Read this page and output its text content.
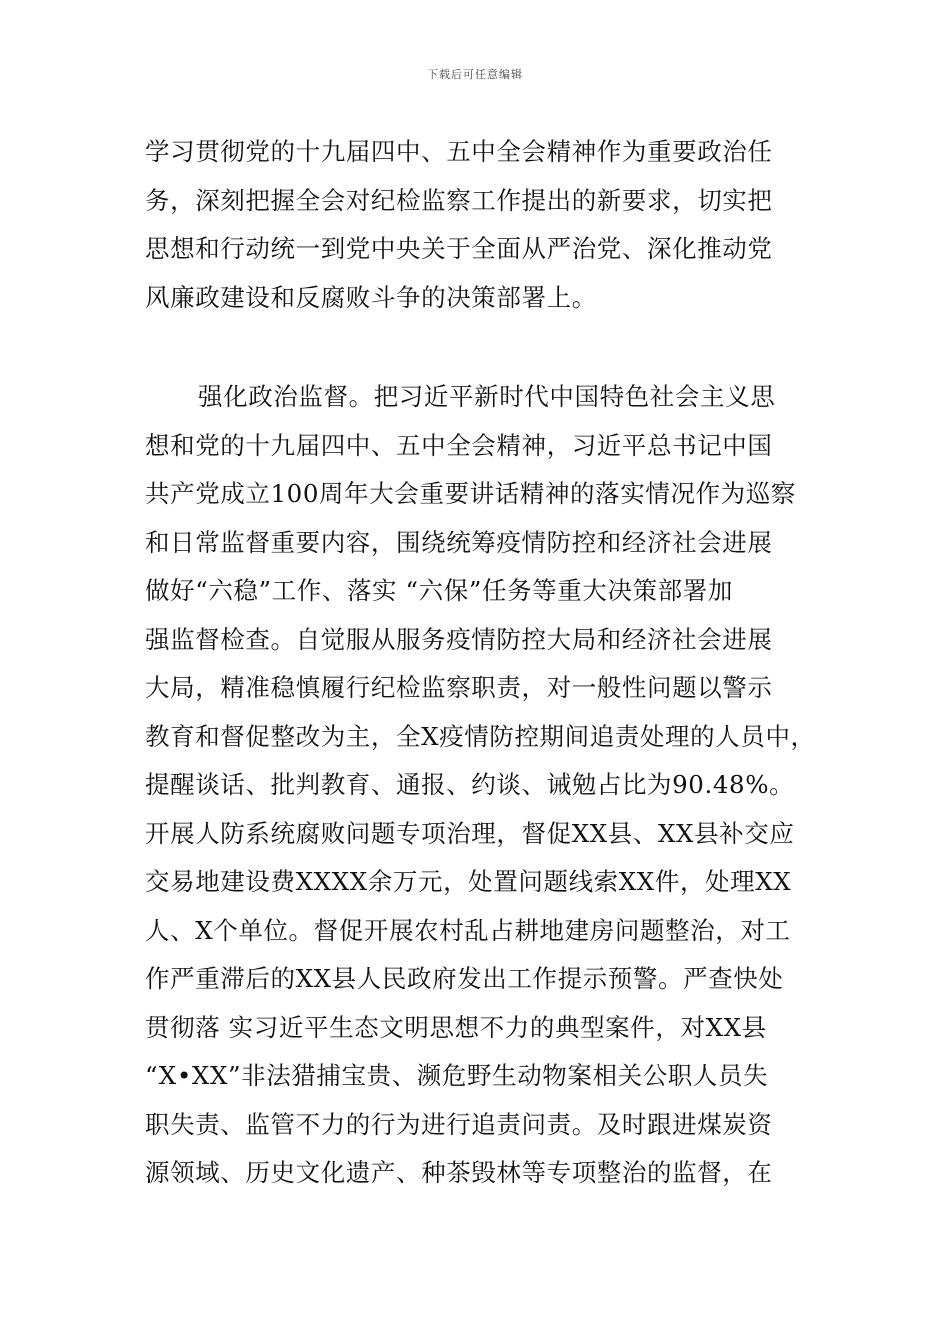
下载后可任意编辑
学习贯彻党的十九届四中、五中全会精神作为重要政治任
务，深刻把握全会对纪检监察工作提出的新要求，切实把
思想和行动统一到党中央关于全面从严治党、深化推动党
风廉政建设和反腐败斗争的决策部署上。
强化政治监督。把习近平新时代中国特色社会主义思
想和党的十九届四中、五中全会精神，习近平总书记中国
共产党成立100周年大会重要讲话精神的落实情况作为巡察
和日常监督重要内容，围绕统筹疫情防控和经济社会进展
做好“六稳”工作、落实 “六保”任务等重大决策部署加
强监督检查。自觉服从服务疫情防控大局和经济社会进展
大局，精准稳慎履行纪检监察职责，对一般性问题以警示
教育和督促整改为主，全X疫情防控期间追责处理的人员中，
提醒谈话、批判教育、通报、约谈、诫勉占比为90.48%。
开展人防系统腐败问题专项治理，督促XX县、XX县补交应
交易地建设费XXXX余万元，处置问题线索XX件，处理XX
人、X个单位。督促开展农村乱占耕地建房问题整治，对工
作严重滞后的XX县人民政府发出工作提示预警。严查快处
贯彻落 实习近平生态文明思想不力的典型案件，对XX县
“X•XX”非法猎捕宝贵、濒危野生动物案相关公职人员失
职失责、监管不力的行为进行追责问责。及时跟进煤炭资
源领域、历史文化遗产、种茶毁林等专项整治的监督，在
